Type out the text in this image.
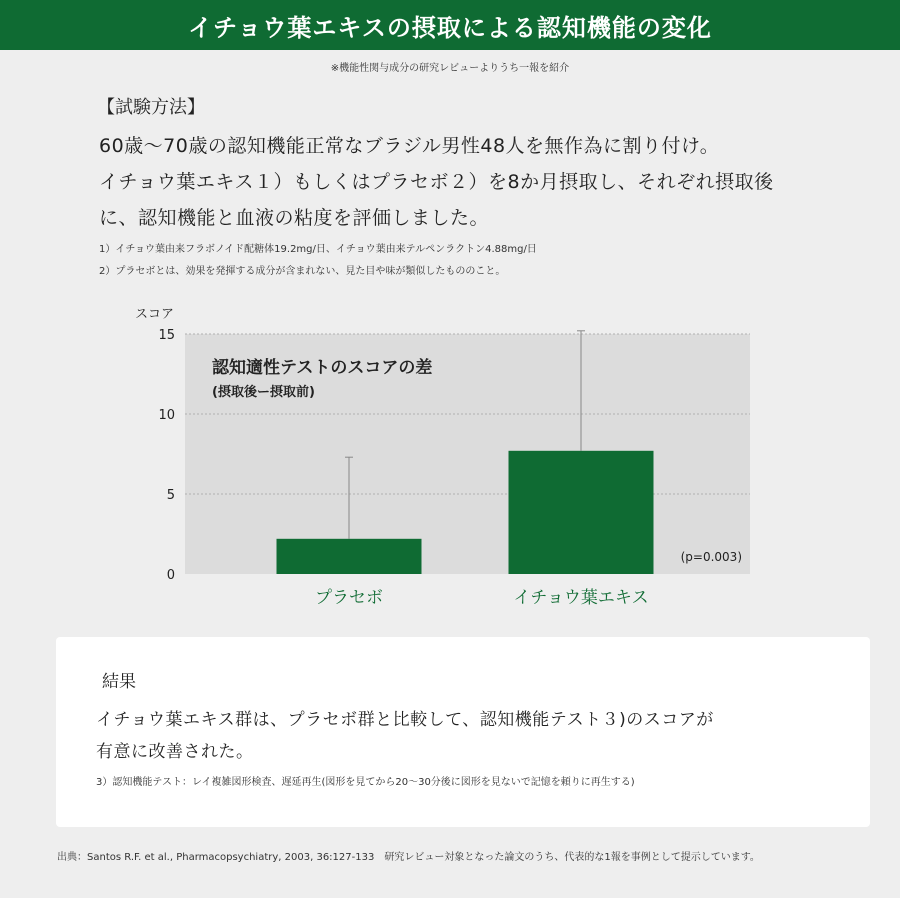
イチョウ葉エキスの摂取による認知機能の変化
※機能性関与成分の研究レビューよりうち一報を紹介
【試験方法】
60歳〜70歳の認知機能正常なブラジル男性48人を無作為に割り付け。
イチョウ葉エキス１）もしくはプラセボ２）を8か月摂取し、それぞれ摂取後
に、認知機能と血液の粘度を評価しました。
1）イチョウ葉由来フラボノイド配糖体19.2mg/日、イチョウ葉由来テルペンラクトン4.88mg/日
2）プラセボとは、効果を発揮する成分が含まれない、見た目や味が類似したもののこと。
0
5
10
15
スコア
認知適性テストのスコアの差
(摂取後ー摂取前)
プラセボ	イチョウ葉エキス
(p=0.003)
結果
イチョウ葉エキス群は、プラセボ群と比較して、認知機能テスト３)のスコアが
有意に改善された。
3）認知機能テスト：レイ複雑図形検査、遅延再生(図形を見てから20〜30分後に図形を見ないで記憶を頼りに再生する)
出典：Santos R.F. et al., Pharmacopsychiatry, 2003, 36:127-133　研究レビュー対象となった論文のうち、代表的な1報を事例として提示しています。
